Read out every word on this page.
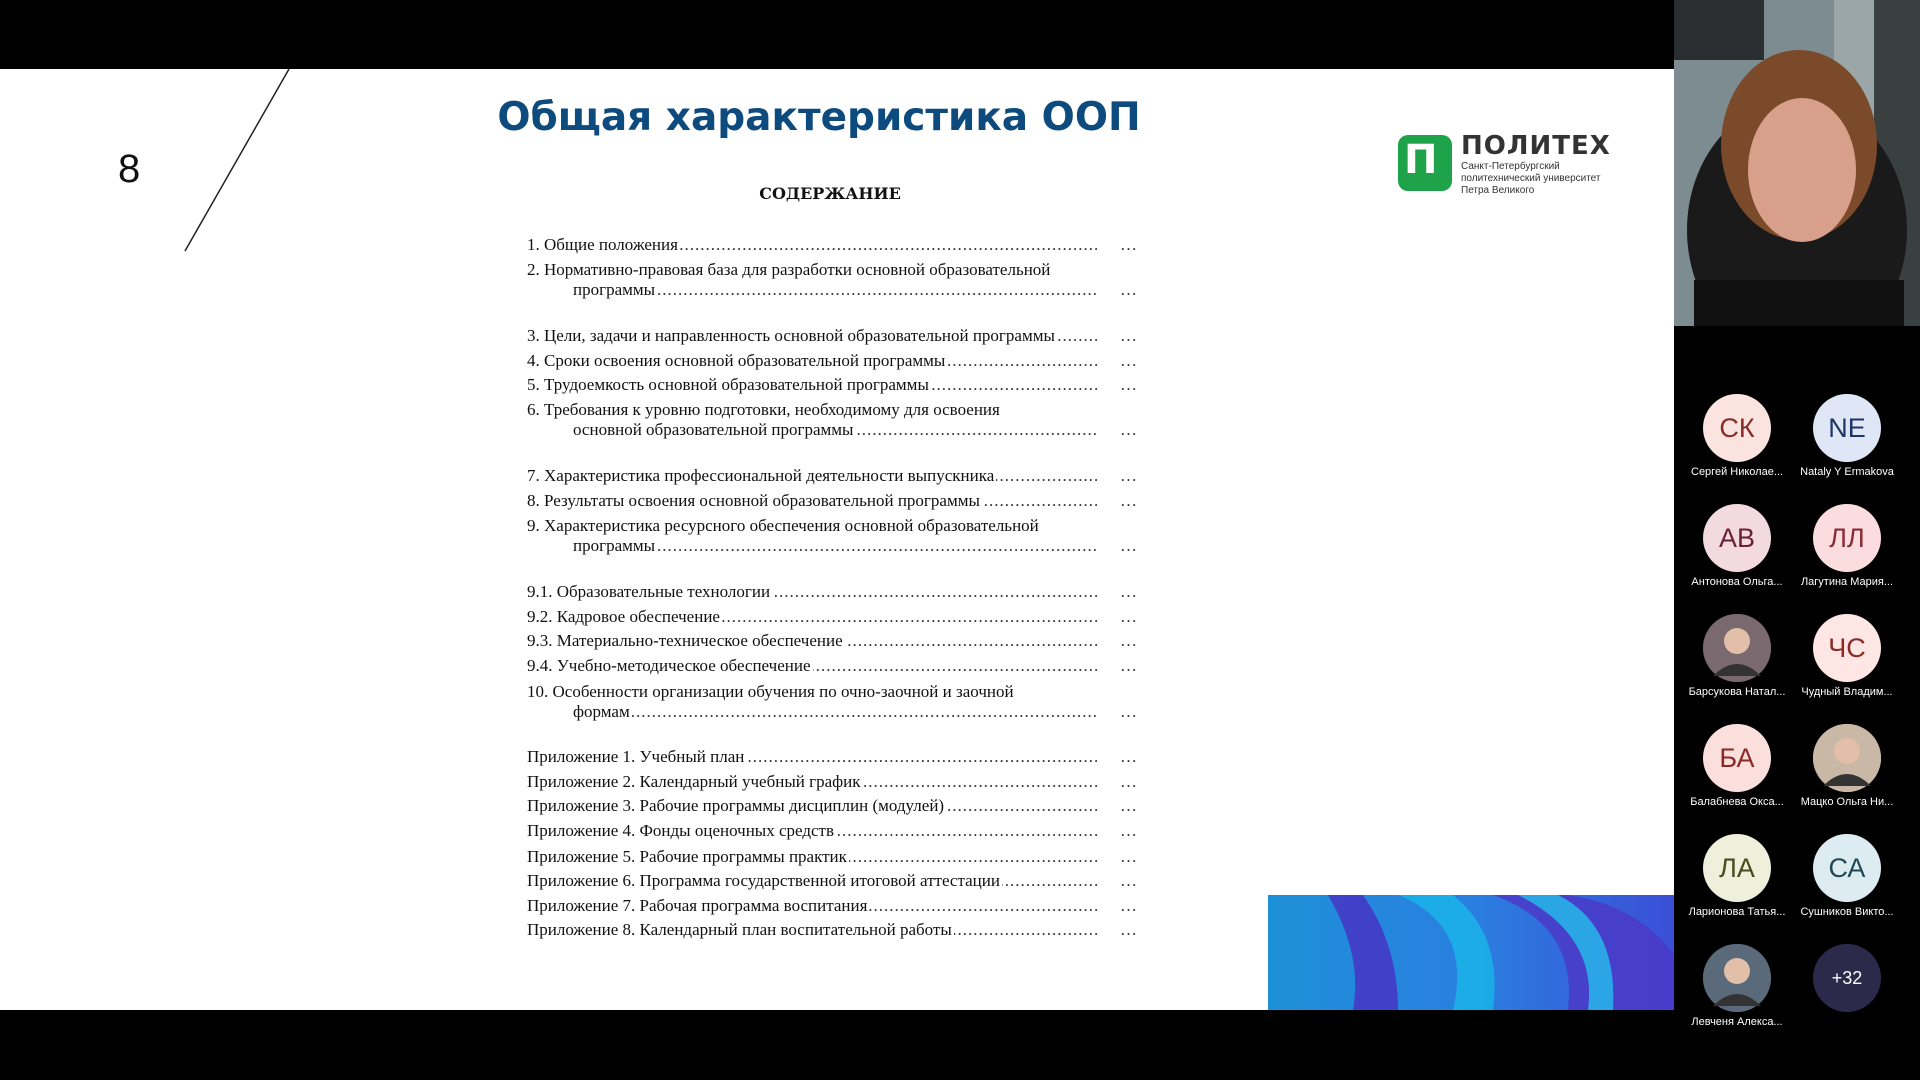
8
Общая характеристика ООП
П ПОЛИТЕХ
Санкт-Петербургский
политехнический университет
Петра Великого
СОДЕРЖАНИЕ
.....
1. Общие положения	…
2. Нормативно-правовая база для разработки основной образовательной
.....
программы	…
.....
3. Цели, задачи и направленность основной образовательной программы	…
.....
4. Сроки освоения основной образовательной программы	…
.....
5. Трудоемкость основной образовательной программы	…
6. Требования к уровню подготовки, необходимому для освоения
.....
основной образовательной программы	…
.....
7. Характеристика профессиональной деятельности выпускника	…
.....
8. Результаты освоения основной образовательной программы	…
9. Характеристика ресурсного обеспечения основной образовательной
.....
программы	…
.....
9.1. Образовательные технологии	…
.....
9.2. Кадровое обеспечение	…
.....
9.3. Материально-техническое обеспечение	…
.....
9.4. Учебно-методическое обеспечение	…
10. Особенности организации обучения по очно-заочной и заочной
.....
формам	…
.....
Приложение 1. Учебный план	…
.....
Приложение 2. Календарный учебный график	…
.....
Приложение 3. Рабочие программы дисциплин (модулей)	…
.....
Приложение 4. Фонды оценочных средств	…
.....
Приложение 5. Рабочие программы практик	…
.....
Приложение 6. Программа государственной итоговой аттестации	…
.....
Приложение 7. Рабочая программа воспитания	…
.....
Приложение 8. Календарный план воспитательной работы	…
СК
Сергей Николае...
NE
Nataly Y Ermakova
АВ
Антонова Ольга...
ЛЛ
Лагутина Мария...
Барсукова Натал...
ЧС
Чудный Владим...
БА
Балабнева Окса...	Мацко Ольга Ни...
ЛА
Ларионова Татья...
СА
Сушников Викто...
Левченя Алекса...
+32
